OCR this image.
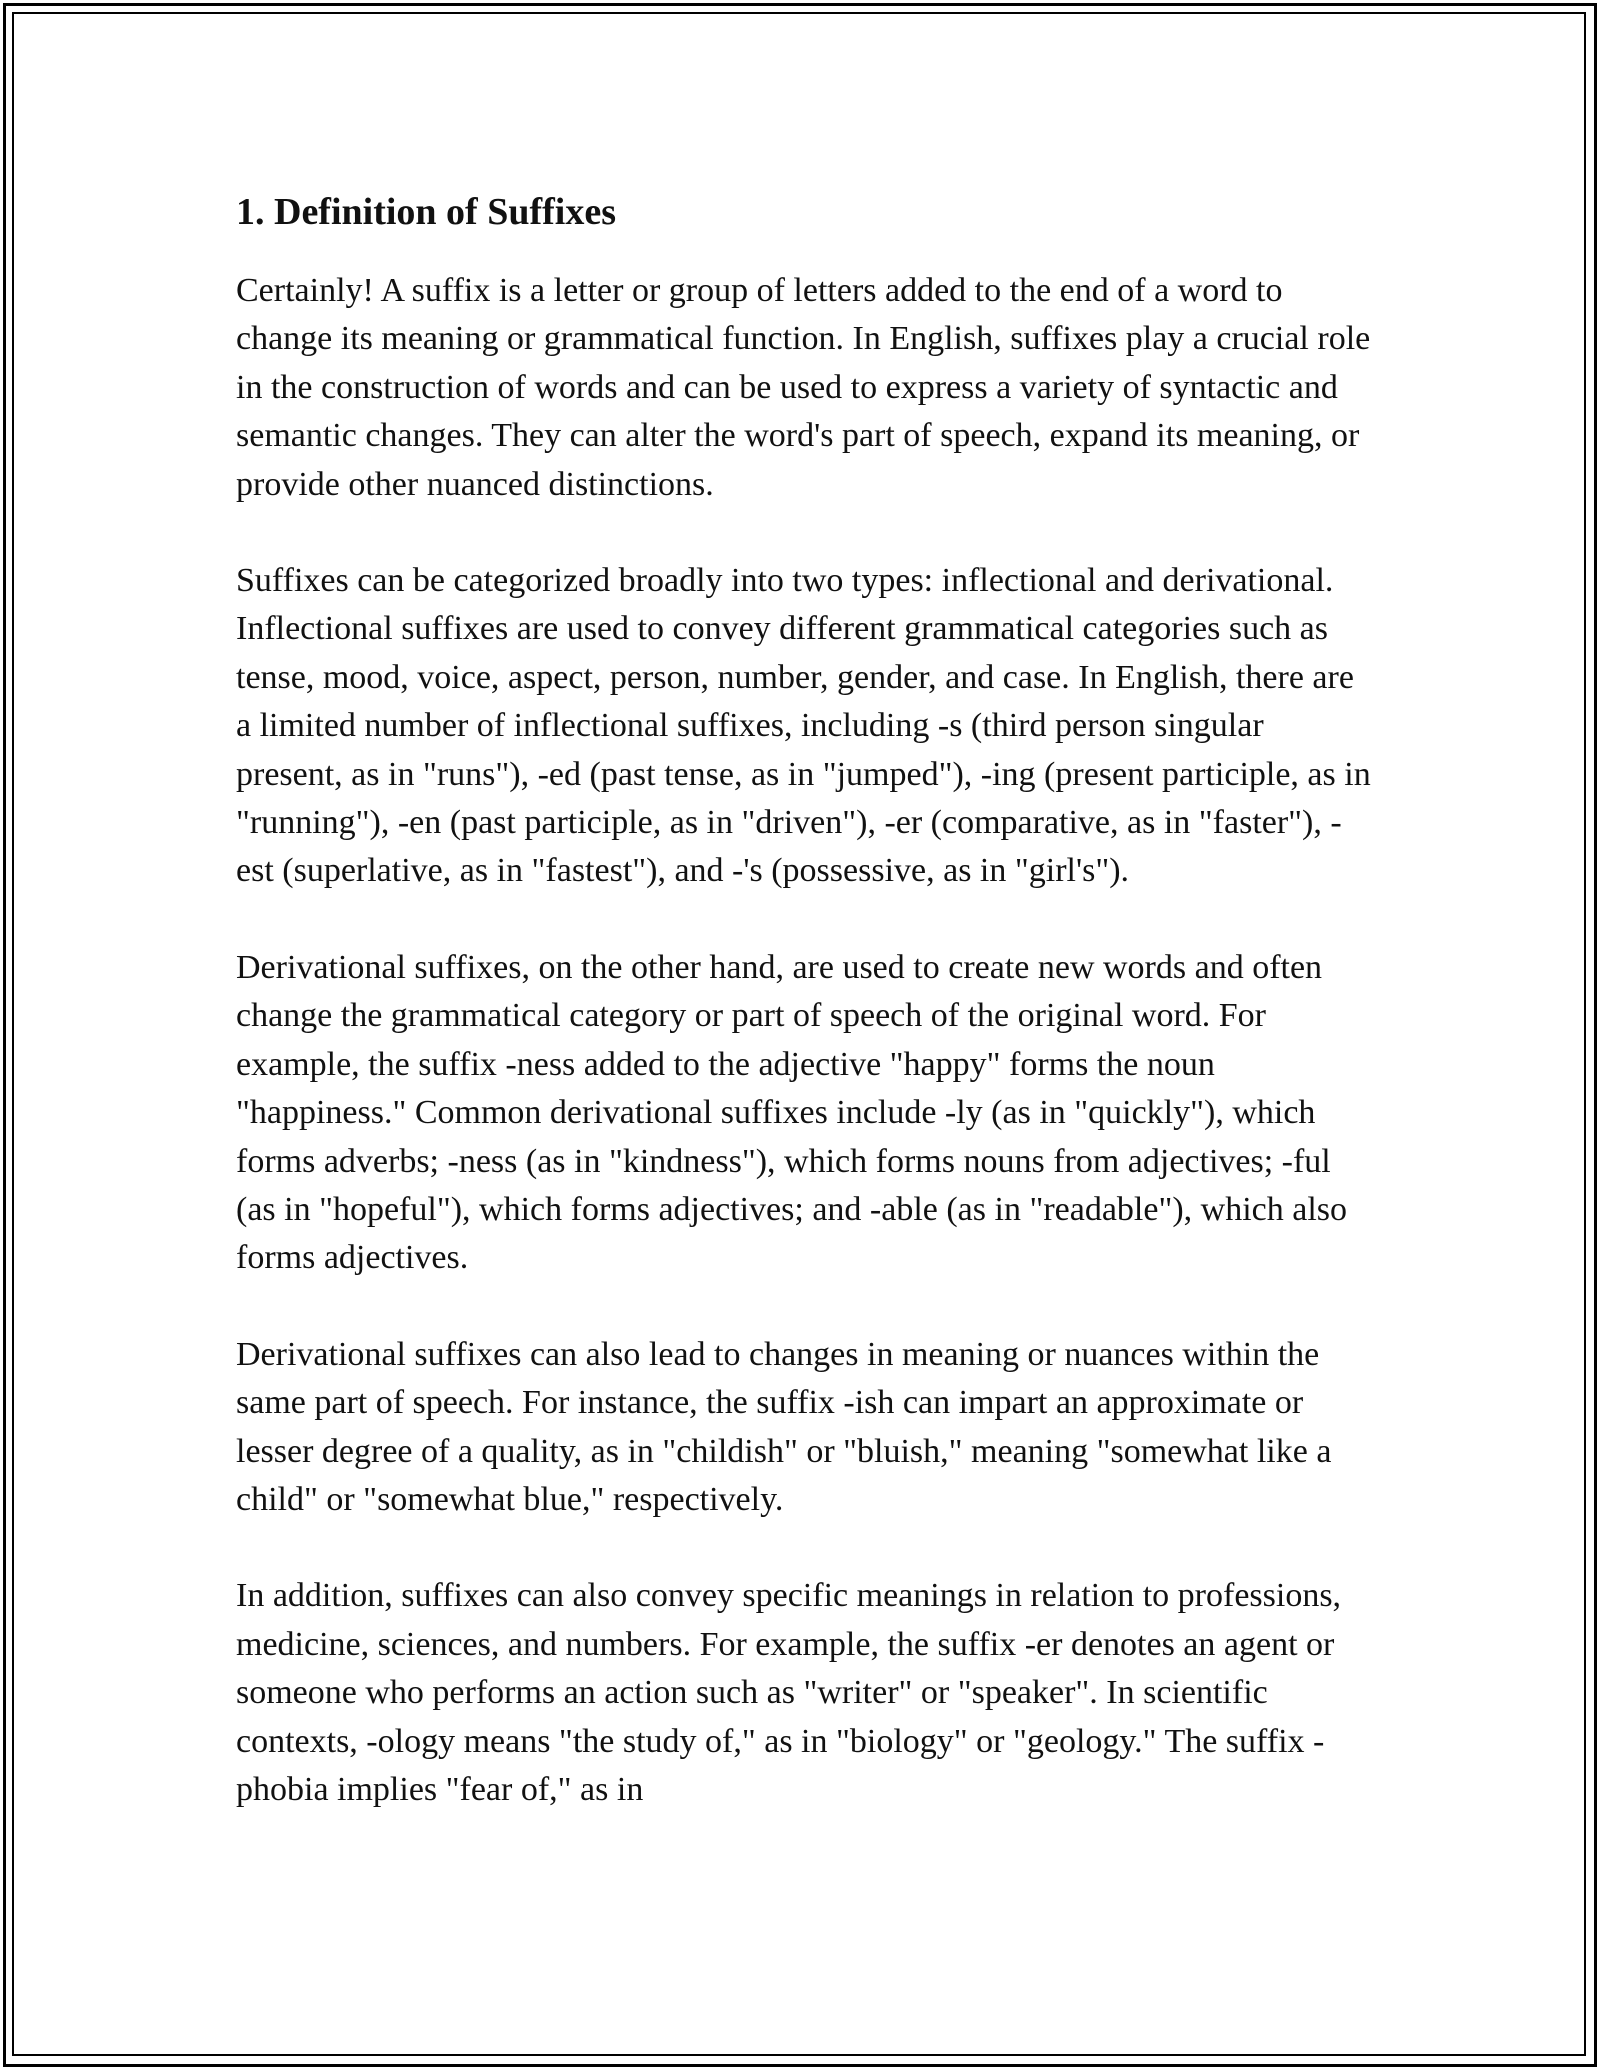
1. Definition of Suffixes

Certainly! A suffix is a letter or group of letters added to the end of a word to change its meaning or grammatical function. In English, suffixes play a crucial role in the construction of words and can be used to express a variety of syntactic and semantic changes. They can alter the word's part of speech, expand its meaning, or provide other nuanced distinctions.

Suffixes can be categorized broadly into two types: inflectional and derivational. Inflectional suffixes are used to convey different grammatical categories such as tense, mood, voice, aspect, person, number, gender, and case. In English, there are a limited number of inflectional suffixes, including -s (third person singular present, as in "runs"), -ed (past tense, as in "jumped"), -ing (present participle, as in "running"), -en (past participle, as in "driven"), -er (comparative, as in "faster"), -est (superlative, as in "fastest"), and -'s (possessive, as in "girl's").

Derivational suffixes, on the other hand, are used to create new words and often change the grammatical category or part of speech of the original word. For example, the suffix -ness added to the adjective "happy" forms the noun "happiness." Common derivational suffixes include -ly (as in "quickly"), which forms adverbs; -ness (as in "kindness"), which forms nouns from adjectives; -ful (as in "hopeful"), which forms adjectives; and -able (as in "readable"), which also forms adjectives.

Derivational suffixes can also lead to changes in meaning or nuances within the same part of speech. For instance, the suffix -ish can impart an approximate or lesser degree of a quality, as in "childish" or "bluish," meaning "somewhat like a child" or "somewhat blue," respectively.

In addition, suffixes can also convey specific meanings in relation to professions, medicine, sciences, and numbers. For example, the suffix -er denotes an agent or someone who performs an action such as "writer" or "speaker". In scientific contexts, -ology means "the study of," as in "biology" or "geology." The suffix -phobia implies "fear of," as in
